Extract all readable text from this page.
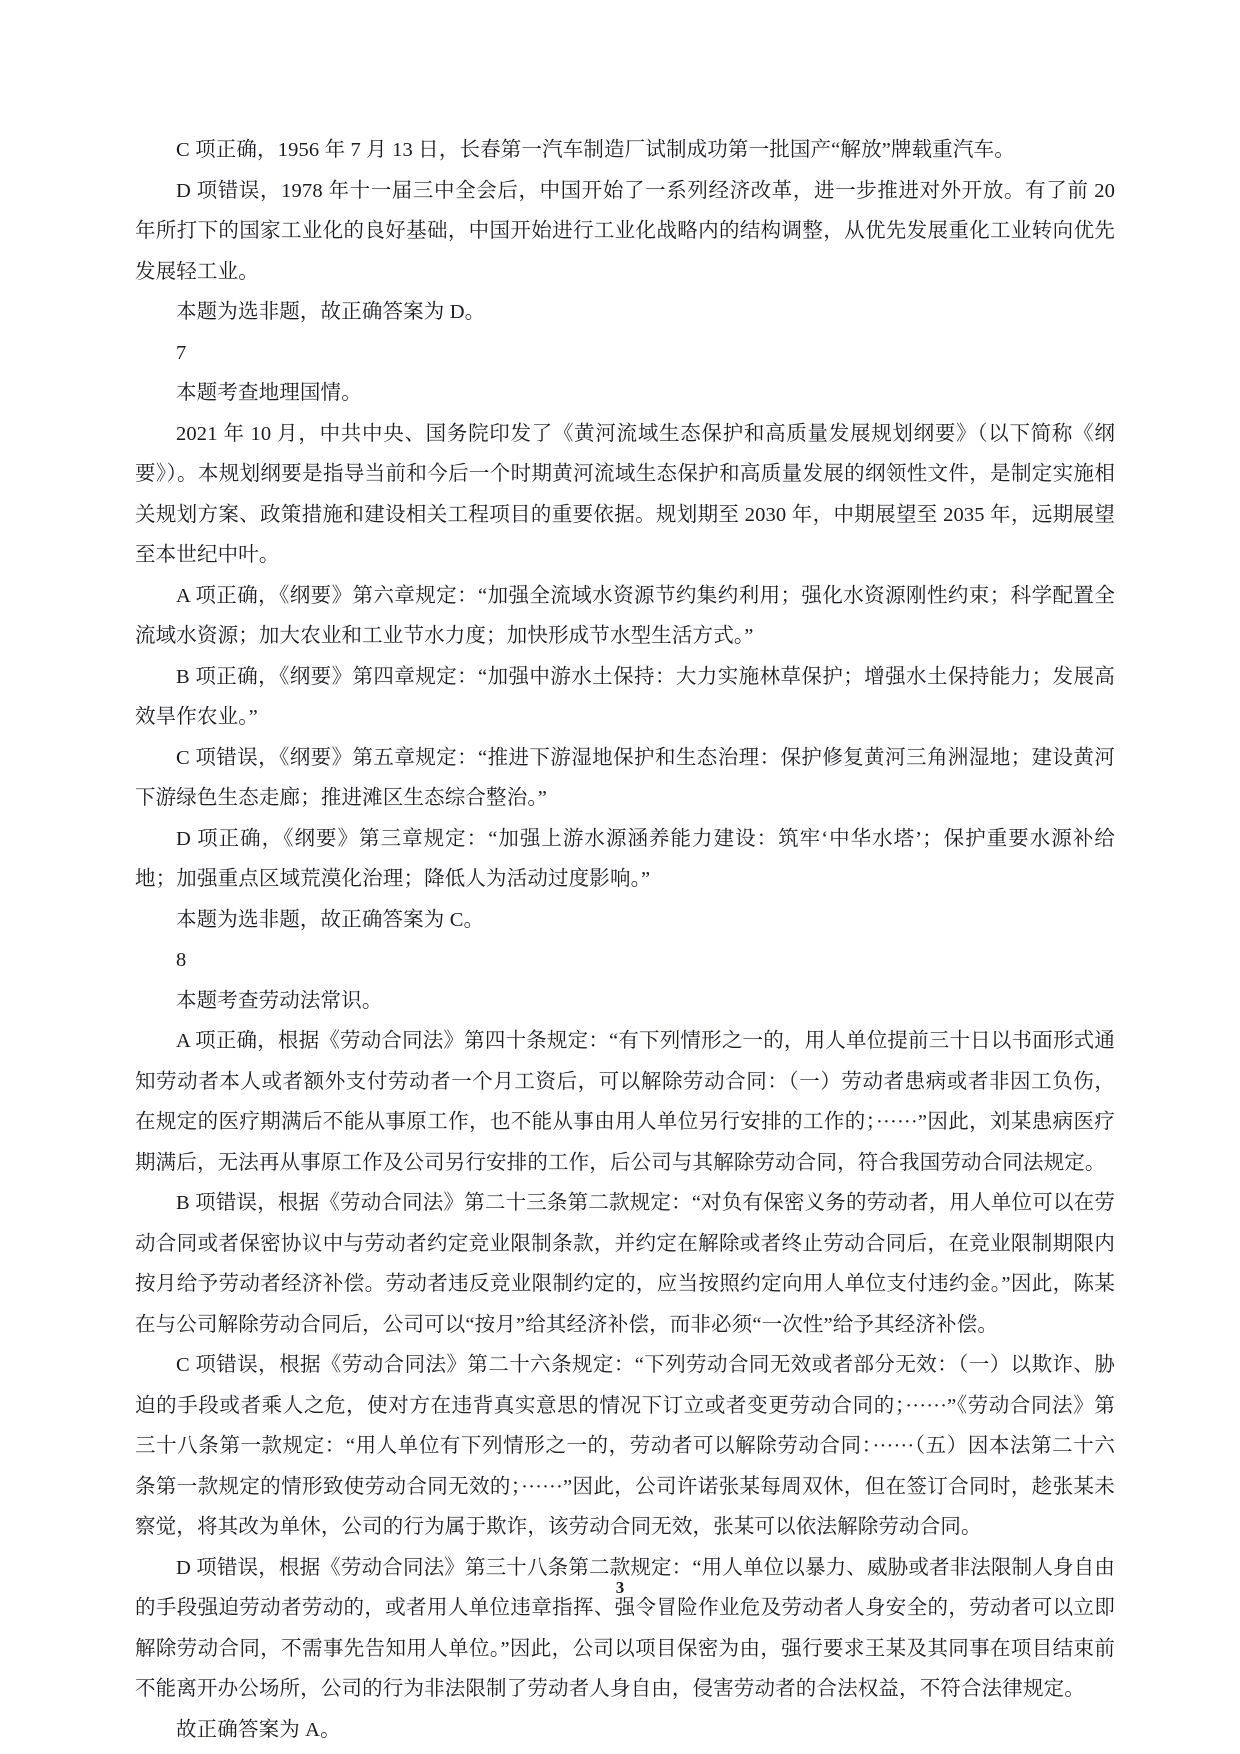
C 项正确，1956 年 7 月 13 日，长春第一汽车制造厂试制成功第一批国产“解放”牌载重汽车。

D 项错误，1978 年十一届三中全会后，中国开始了一系列经济改革，进一步推进对外开放。有了前 20 年所打下的国家工业化的良好基础，中国开始进行工业化战略内的结构调整，从优先发展重化工业转向优先发展轻工业。

本题为选非题，故正确答案为 D。

7

本题考查地理国情。

2021 年 10 月，中共中央、国务院印发了《黄河流域生态保护和高质量发展规划纲要》（以下简称《纲要》）。本规划纲要是指导当前和今后一个时期黄河流域生态保护和高质量发展的纲领性文件，是制定实施相关规划方案、政策措施和建设相关工程项目的重要依据。规划期至 2030 年，中期展望至 2035 年，远期展望至本世纪中叶。

A 项正确，《纲要》第六章规定：“加强全流域水资源节约集约利用；强化水资源刚性约束；科学配置全流域水资源；加大农业和工业节水力度；加快形成节水型生活方式。”

B 项正确，《纲要》第四章规定：“加强中游水土保持：大力实施林草保护；增强水土保持能力；发展高效旱作农业。”

C 项错误，《纲要》第五章规定：“推进下游湿地保护和生态治理：保护修复黄河三角洲湿地；建设黄河下游绿色生态走廊；推进滩区生态综合整治。”

D 项正确，《纲要》第三章规定：“加强上游水源涵养能力建设：筑牢‘中华水塔’；保护重要水源补给地；加强重点区域荒漠化治理；降低人为活动过度影响。”

本题为选非题，故正确答案为 C。

8

本题考查劳动法常识。

A 项正确，根据《劳动合同法》第四十条规定：“有下列情形之一的，用人单位提前三十日以书面形式通知劳动者本人或者额外支付劳动者一个月工资后，可以解除劳动合同：（一）劳动者患病或者非因工负伤，在规定的医疗期满后不能从事原工作，也不能从事由用人单位另行安排的工作的；······”因此，刘某患病医疗期满后，无法再从事原工作及公司另行安排的工作，后公司与其解除劳动合同，符合我国劳动合同法规定。

B 项错误，根据《劳动合同法》第二十三条第二款规定：“对负有保密义务的劳动者，用人单位可以在劳动合同或者保密协议中与劳动者约定竞业限制条款，并约定在解除或者终止劳动合同后，在竞业限制期限内按月给予劳动者经济补偿。劳动者违反竞业限制约定的，应当按照约定向用人单位支付违约金。”因此，陈某在与公司解除劳动合同后，公司可以“按月”给其经济补偿，而非必须“一次性”给予其经济补偿。

C 项错误，根据《劳动合同法》第二十六条规定：“下列劳动合同无效或者部分无效：（一）以欺诈、胁迫的手段或者乘人之危，使对方在违背真实意思的情况下订立或者变更劳动合同的；······”《劳动合同法》第三十八条第一款规定：“用人单位有下列情形之一的，劳动者可以解除劳动合同：······（五）因本法第二十六条第一款规定的情形致使劳动合同无效的；······”因此，公司许诺张某每周双休，但在签订合同时，趁张某未察觉，将其改为单休，公司的行为属于欺诈，该劳动合同无效，张某可以依法解除劳动合同。

D 项错误，根据《劳动合同法》第三十八条第二款规定：“用人单位以暴力、威胁或者非法限制人身自由的手段强迫劳动者劳动的，或者用人单位违章指挥、强令冒险作业危及劳动者人身安全的，劳动者可以立即解除劳动合同，不需事先告知用人单位。”因此，公司以项目保密为由，强行要求王某及其同事在项目结束前不能离开办公场所，公司的行为非法限制了劳动者人身自由，侵害劳动者的合法权益，不符合法律规定。

故正确答案为 A。

3
